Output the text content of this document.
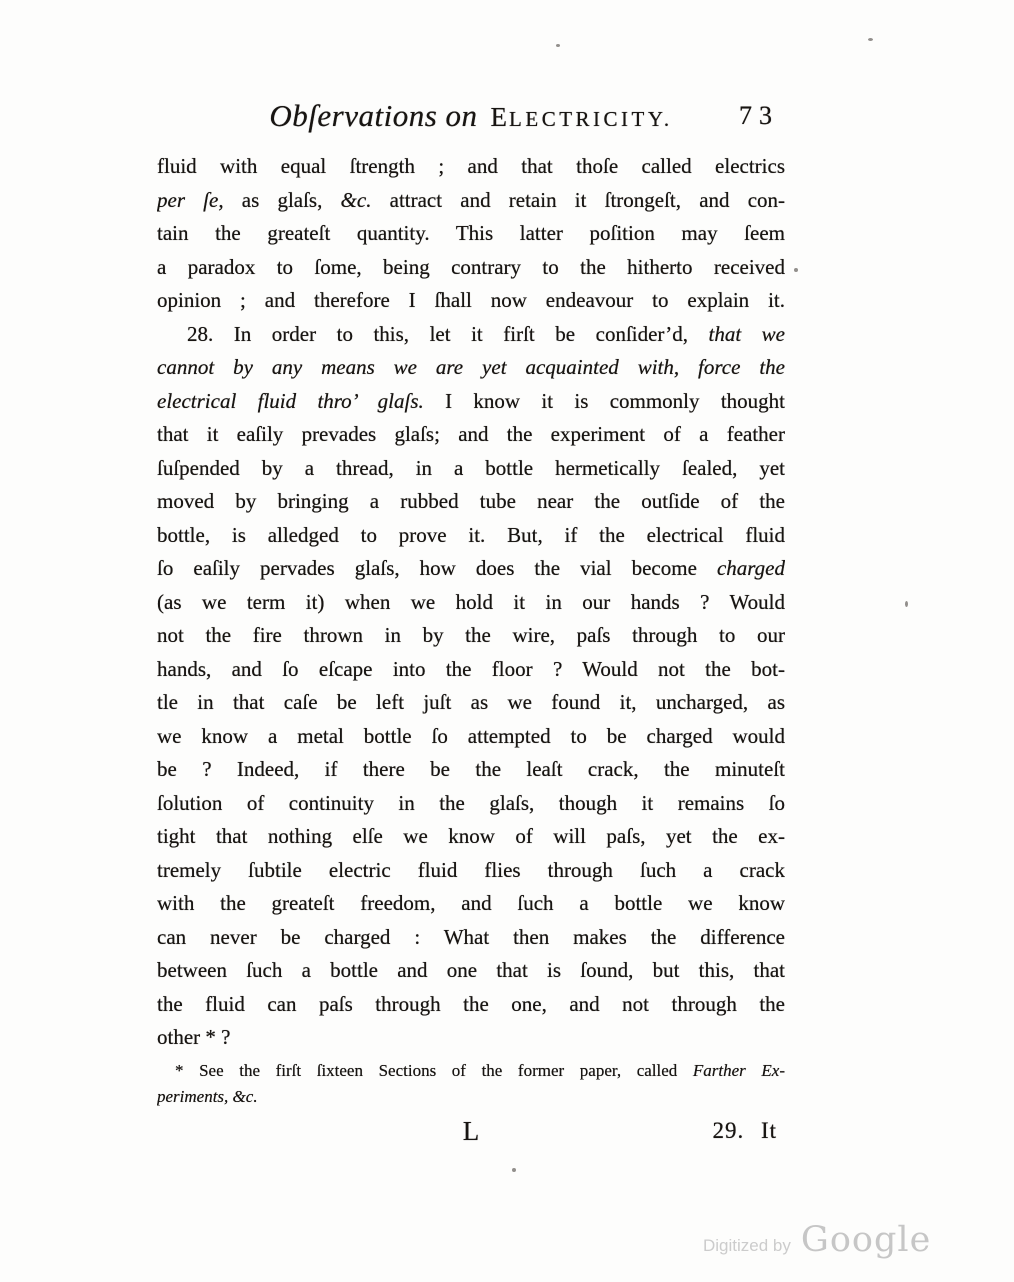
Obſervations on ELECTRICITY.	73
fluid with equal ſtrength ; and that thoſe called electrics
per ſe, as glaſs, &c. attract and retain it ſtrongeſt, and con-
tain the greateſt quantity. This latter poſition may ſeem
a paradox to ſome, being contrary to the hitherto received
opinion ; and therefore I ſhall now endeavour to explain it.
28. In order to this, let it firſt be conſider’d, that we
cannot by any means we are yet acquainted with, force the
electrical fluid thro’ glaſs. I know it is commonly thought
that it eaſily prevades glaſs; and the experiment of a feather
ſuſpended by a thread, in a bottle hermetically ſealed, yet
moved by bringing a rubbed tube near the outſide of the
bottle, is alledged to prove it. But, if the electrical fluid
ſo eaſily pervades glaſs, how does the vial become charged
(as we term it) when we hold it in our hands ? Would
not the fire thrown in by the wire, paſs through to our
hands, and ſo eſcape into the floor ? Would not the bot-
tle in that caſe be left juſt as we found it, uncharged, as
we know a metal bottle ſo attempted to be charged would
be ? Indeed, if there be the leaſt crack, the minuteſt
ſolution of continuity in the glaſs, though it remains ſo
tight that nothing elſe we know of will paſs, yet the ex-
tremely ſubtile electric fluid flies through ſuch a crack
with the greateſt freedom, and ſuch a bottle we know
can never be charged : What then makes the difference
between ſuch a bottle and one that is ſound, but this, that
the fluid can paſs through the one, and not through the
other * ?
* See the firſt ſixteen Sections of the former paper, called Farther Ex-
periments, &c.
L	29. It
Digitized by Google
